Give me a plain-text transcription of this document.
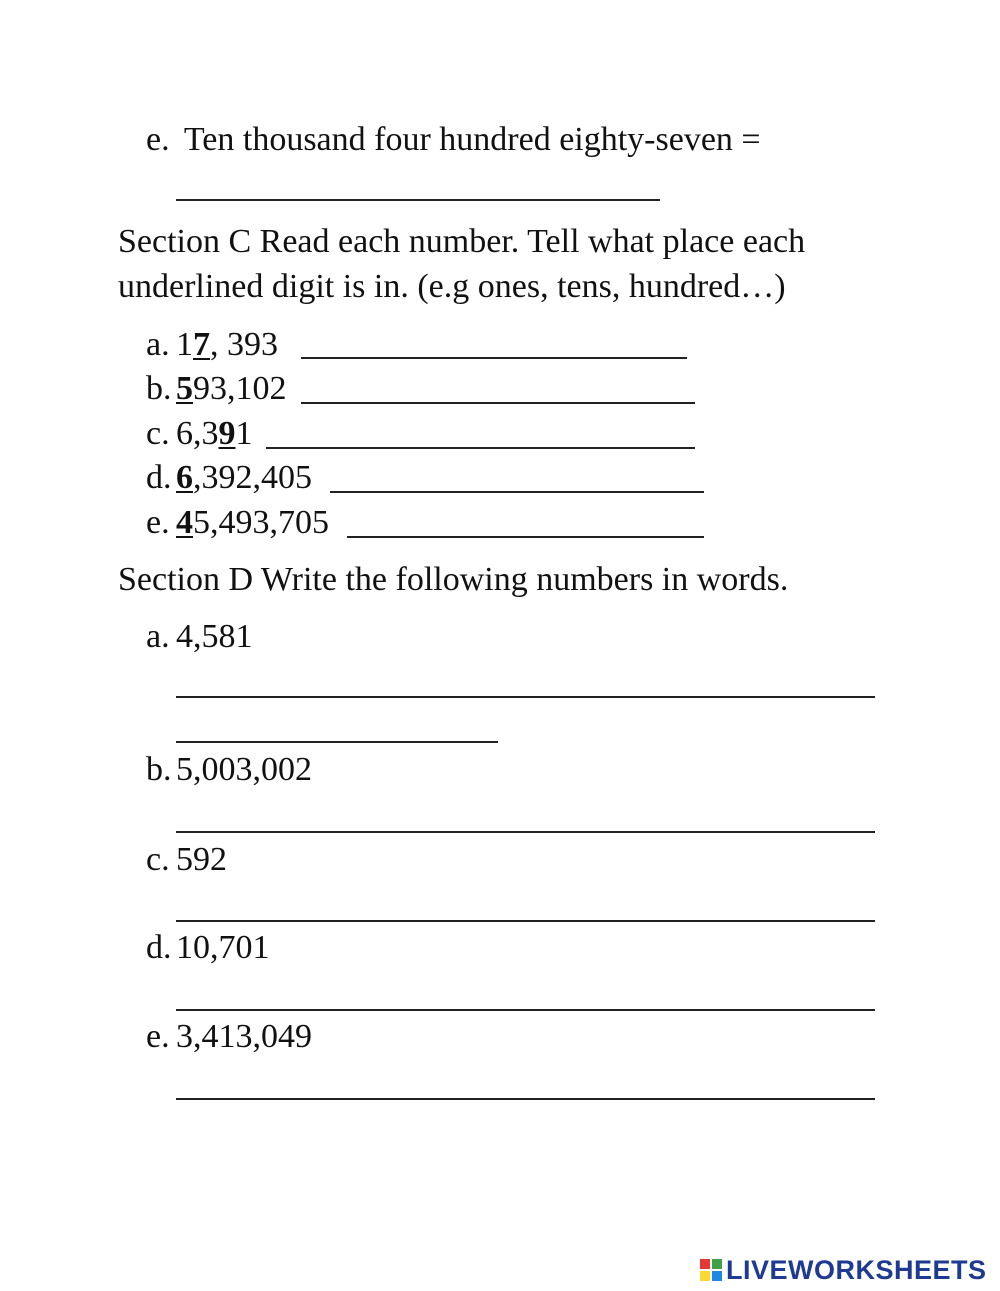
e. Ten thousand four hundred eighty-seven =
Section C Read each number. Tell what place each
underlined digit is in. (e.g ones, tens, hundred…)
a. 17, 393
b. 593,102
c. 6,391
d. 6,392,405
e. 45,493,705
Section D Write the following numbers in words.
a. 4,581
b. 5,003,002
c. 592
d. 10,701
e. 3,413,049
LIVEWORKSHEETS
